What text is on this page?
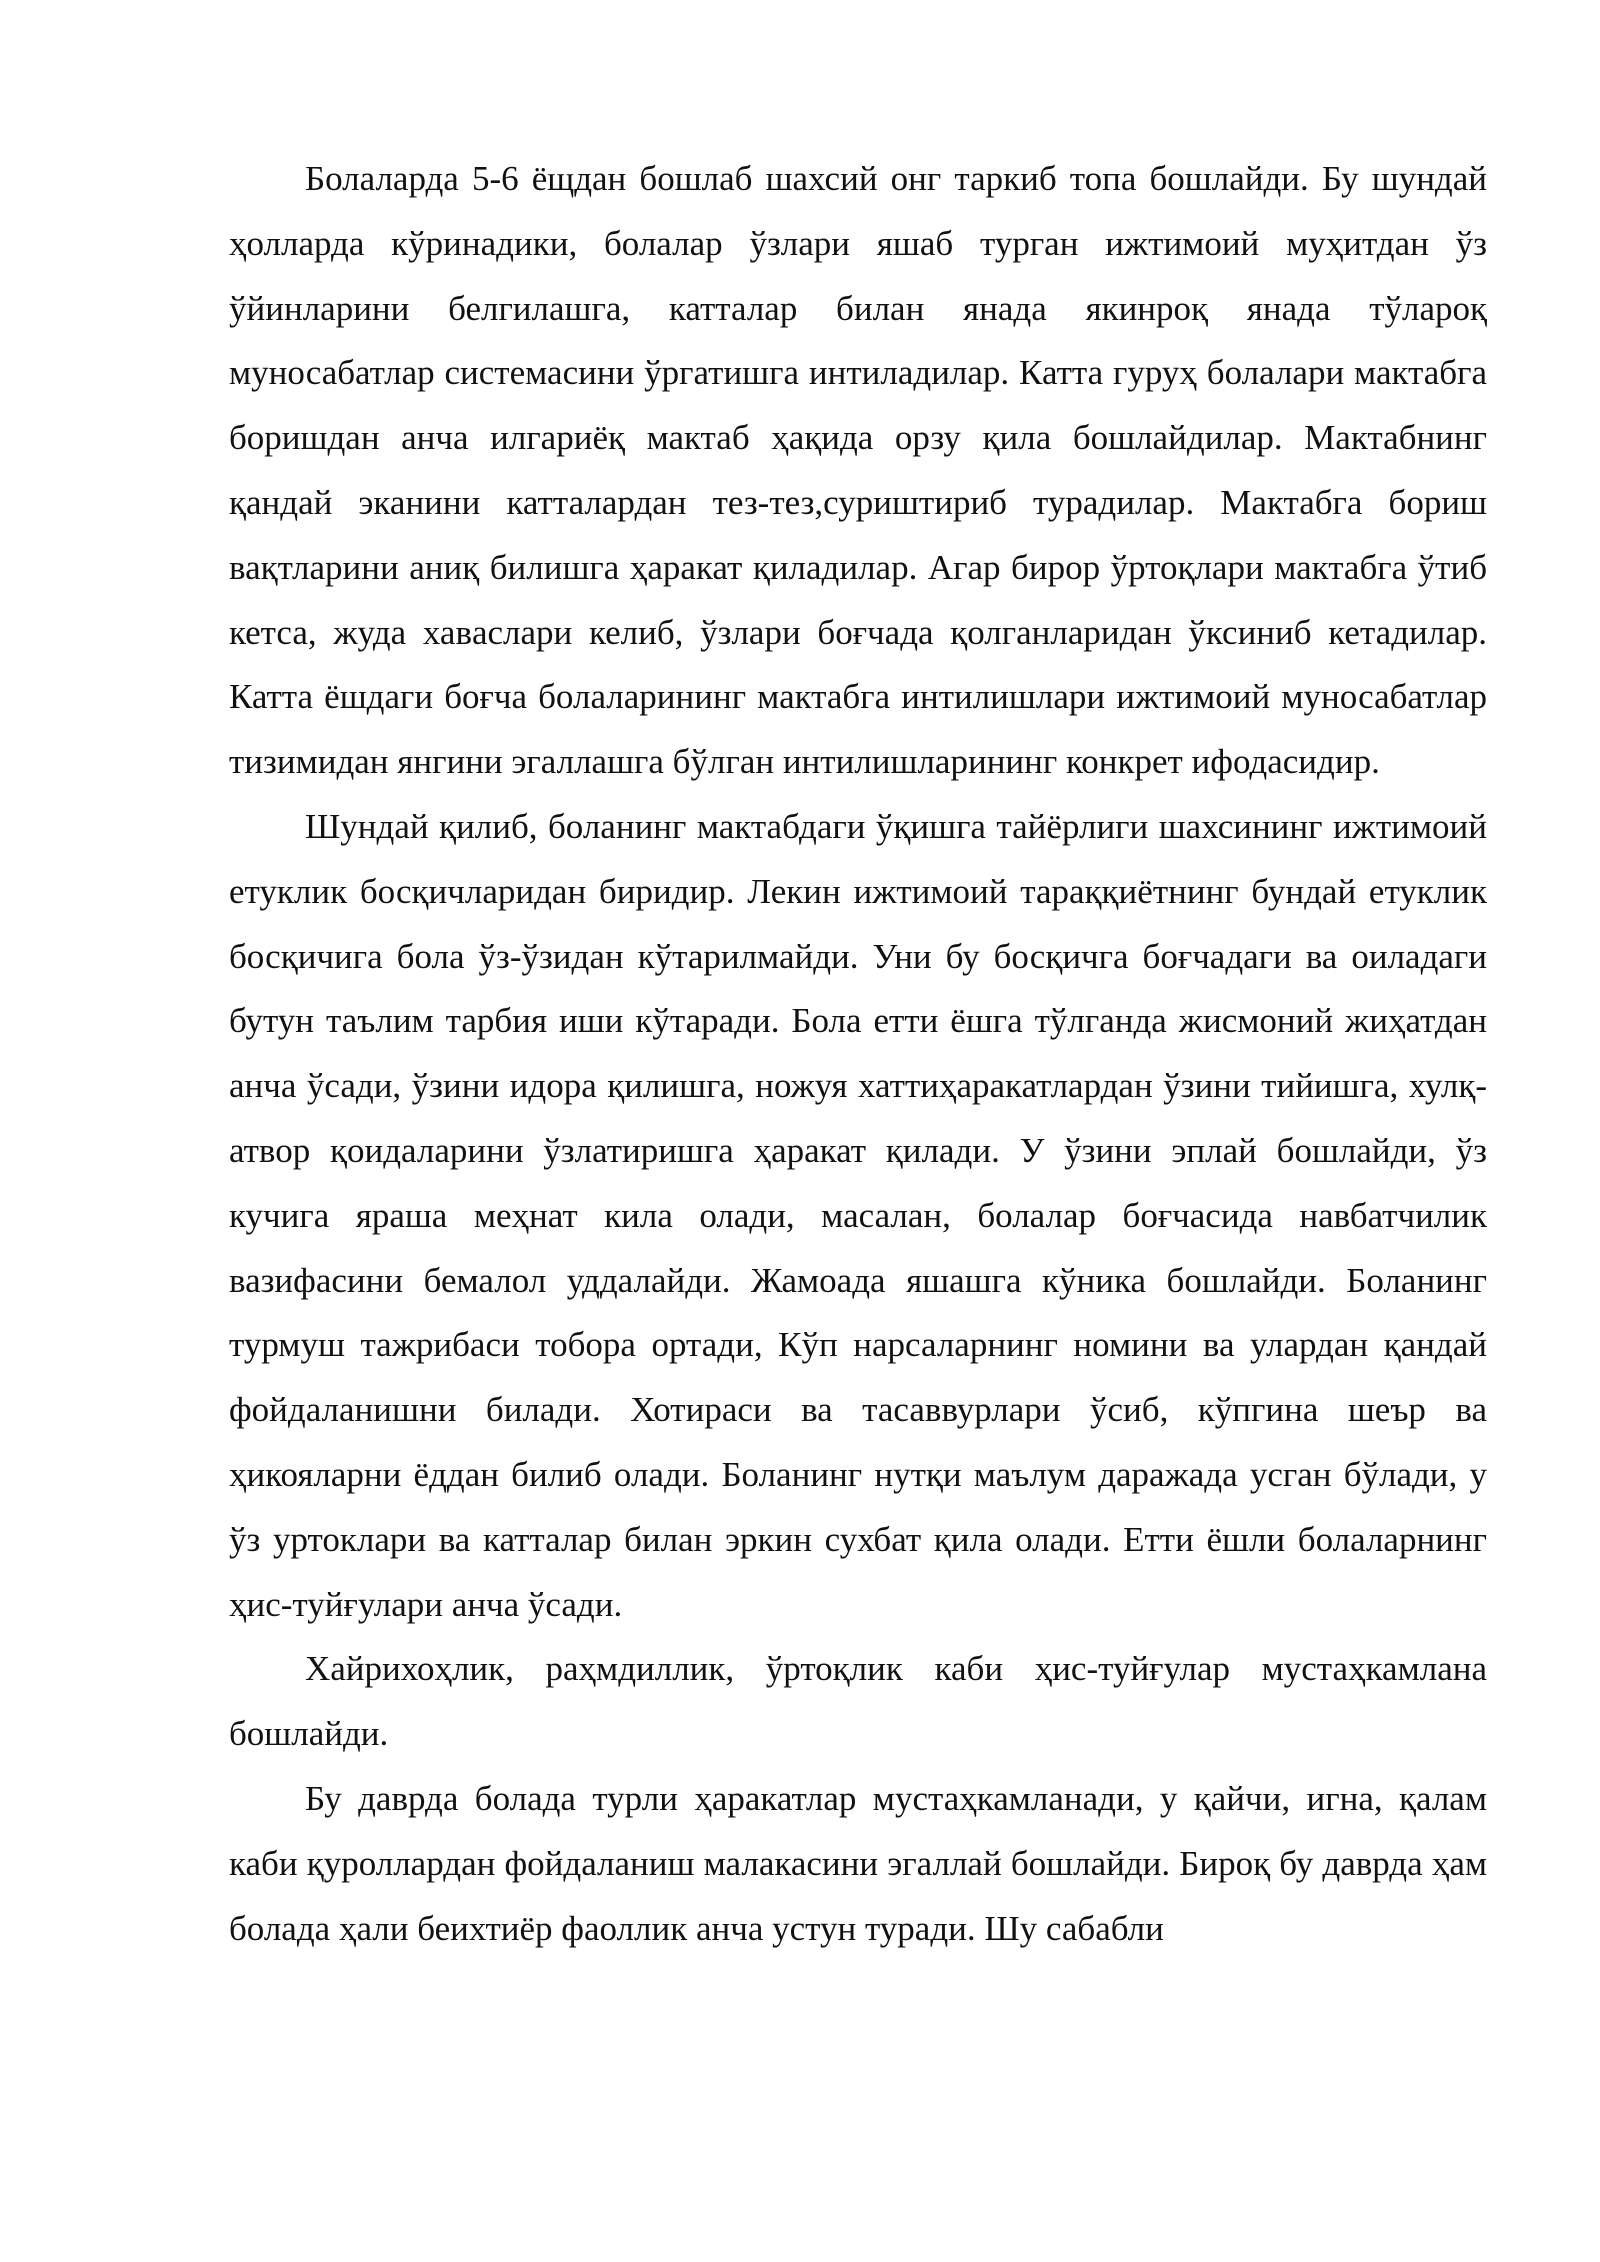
Болаларда 5-6 ёщдан бошлаб шахсий онг таркиб топа бошлайди. Бу шундай ҳолларда кўринадики, болалар ўзлари яшаб турган ижтимоий муҳитдан ўз ўйинларини белгилашга, катталар билан янада якинроқ янада тўлароқ муносабатлар системасини ўргатишга интиладилар. Катта гуруҳ болалари мактабга боришдан анча илгариёқ мактаб ҳақида орзу қила бошлайдилар. Мактабнинг қандай эканини катталардан тез-тез,суриштириб турадилар. Мактабга бориш вақтларини аниқ билишга ҳаракат қиладилар. Агар бирор ўртоқлари мактабга ўтиб кетса, жуда хавaслари келиб, ўзлари боғчада қолганларидан ўксиниб кетадилар. Катта ёшдаги боғча болаларининг мактабга интилишлари ижтимоий муносабатлар тизимидан янгини эгаллашга бўлган интилишларининг конкрет ифодасидир.

Шундай қилиб, боланинг мактабдаги ўқишга тайёрлиги шахсининг ижтимоий етуклик босқичларидан биридир. Лекин ижтимоий тараққиётнинг бундай етуклик босқичига бола ўз-ўзидан кўтарилмайди. Уни бу босқичга боғчадаги ва оиладаги бутун таълим тарбия иши кўтаради. Бола етти ёшга тўлганда жисмоний жиҳатдан анча ўсади, ўзини идора қилишга, ножуя хаттиҳаракатлардан ўзини тийишга, хулқ-атвор қоидаларини ўзлатиришга ҳаракат қилади. У ўзини эплай бошлайди, ўз кучига яраша меҳнат кила олади, масалан, болалар боғчасида навбатчилик вазифасини бемалол уддалайди. Жамоада яшашга кўника бошлайди. Боланинг турмуш тажрибаси тобора ортади, Кўп нарсаларнинг номини ва улардан қандай фойдаланишни билади. Хотираси ва тасаввурлари ўсиб, кўпгина шеър ва ҳикояларни ёддан билиб олади. Боланинг нутқи маълум даражада усган бўлади, у ўз уртоклари ва катталар билан эркин сухбат қила олади. Етти ёшли болаларнинг ҳис-туйғулари анча ўсади.

Хайрихоҳлик, раҳмдиллик, ўртоқлик каби ҳис-туйғулар мустаҳкамлана бошлайди.

Бу даврда болада турли ҳаракатлар мустаҳкамланади, у қайчи, игна, қалам каби қуроллардан фойдаланиш малакасини эгаллай бошлайди. Бироқ бу даврда ҳам болада ҳали беихтиёр фаоллик анча устун туради. Шу сабабли
